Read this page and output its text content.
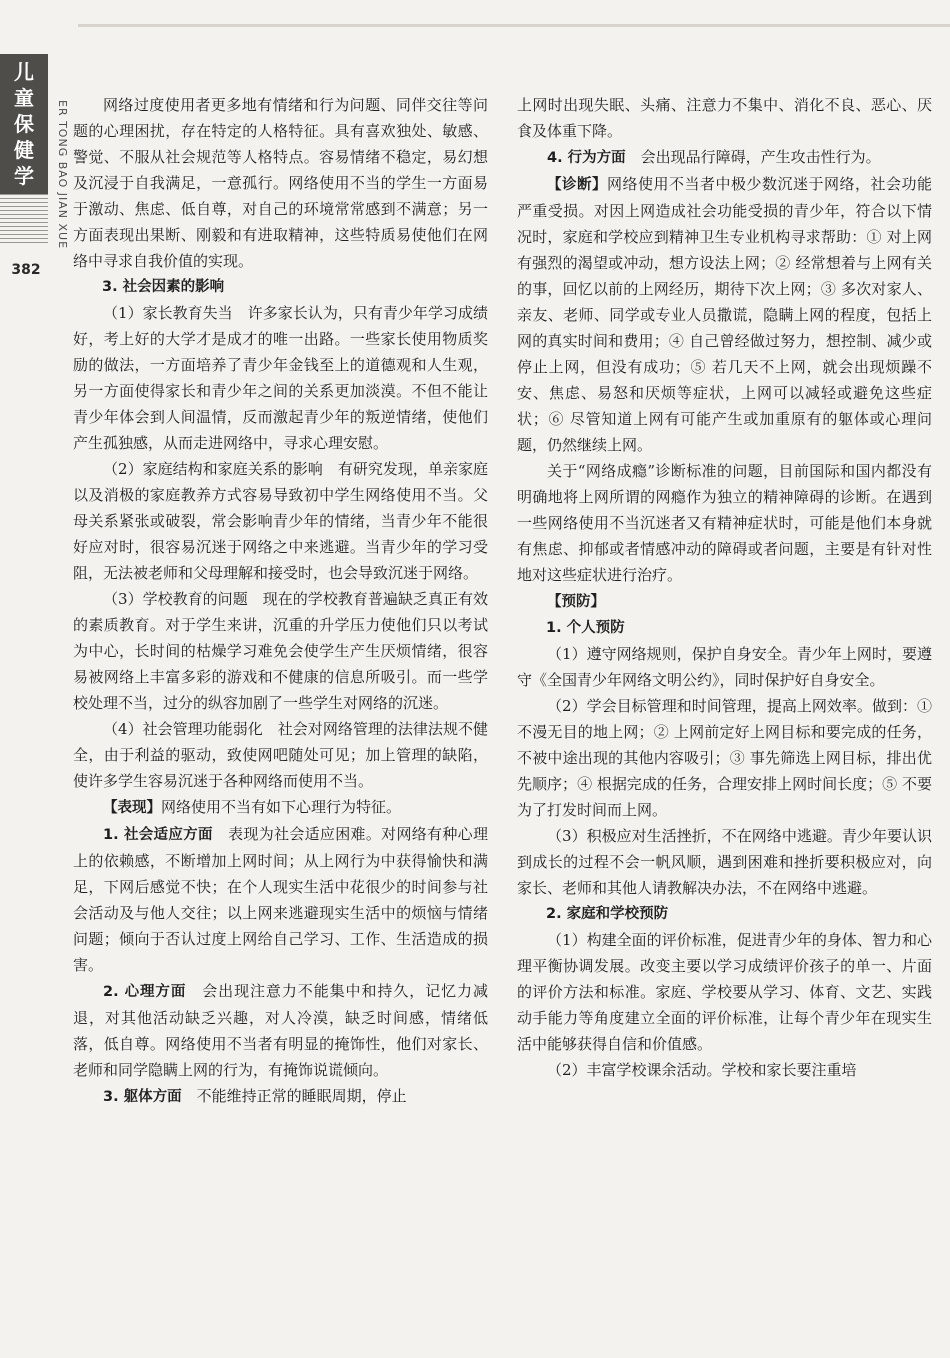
儿
童
保
健
学	ER TONG BAO JIAN XUE
382

网络过度使用者更多地有情绪和行为问题、同伴交往等问题的心理困扰，存在特定的人格特征。具有喜欢独处、敏感、警觉、不服从社会规范等人格特点。容易情绪不稳定，易幻想及沉浸于自我满足，一意孤行。网络使用不当的学生一方面易于激动、焦虑、低自尊，对自己的环境常常感到不满意；另一方面表现出果断、刚毅和有进取精神，这些特质易使他们在网络中寻求自我价值的实现。

3. 社会因素的影响

（1）家长教育失当　 许多家长认为，只有青少年学习成绩好，考上好的大学才是成才的唯一出路。一些家长使用物质奖励的做法，一方面培养了青少年金钱至上的道德观和人生观，另一方面使得家长和青少年之间的关系更加淡漠。不但不能让青少年体会到人间温情，反而激起青少年的叛逆情绪，使他们产生孤独感，从而走进网络中，寻求心理安慰。

（2）家庭结构和家庭关系的影响　 有研究发现，单亲家庭以及消极的家庭教养方式容易导致初中学生网络使用不当。父母关系紧张或破裂，常会影响青少年的情绪，当青少年不能很好应对时，很容易沉迷于网络之中来逃避。当青少年的学习受阻，无法被老师和父母理解和接受时，也会导致沉迷于网络。

（3）学校教育的问题　 现在的学校教育普遍缺乏真正有效的素质教育。对于学生来讲，沉重的升学压力使他们只以考试为中心，长时间的枯燥学习难免会使学生产生厌烦情绪，很容易被网络上丰富多彩的游戏和不健康的信息所吸引。而一些学校处理不当，过分的纵容加剧了一些学生对网络的沉迷。

（4）社会管理功能弱化　 社会对网络管理的法律法规不健全，由于利益的驱动，致使网吧随处可见；加上管理的缺陷，使许多学生容易沉迷于各种网络而使用不当。

【表现】网络使用不当有如下心理行为特征。

1. 社会适应方面　 表现为社会适应困难。对网络有种心理上的依赖感，不断增加上网时间；从上网行为中获得愉快和满足，下网后感觉不快；在个人现实生活中花很少的时间参与社会活动及与他人交往；以上网来逃避现实生活中的烦恼与情绪问题；倾向于否认过度上网给自己学习、工作、生活造成的损害。

2. 心理方面　 会出现注意力不能集中和持久，记忆力减退，对其他活动缺乏兴趣，对人冷漠，缺乏时间感，情绪低落，低自尊。网络使用不当者有明显的掩饰性，他们对家长、老师和同学隐瞒上网的行为，有掩饰说谎倾向。

3. 躯体方面　 不能维持正常的睡眠周期，停止

上网时出现失眠、头痛、注意力不集中、消化不良、恶心、厌食及体重下降。

4. 行为方面　 会出现品行障碍，产生攻击性行为。

【诊断】网络使用不当者中极少数沉迷于网络，社会功能严重受损。对因上网造成社会功能受损的青少年，符合以下情况时，家庭和学校应到精神卫生专业机构寻求帮助：① 对上网有强烈的渴望或冲动，想方设法上网；② 经常想着与上网有关的事，回忆以前的上网经历，期待下次上网；③ 多次对家人、亲友、老师、同学或专业人员撒谎，隐瞒上网的程度，包括上网的真实时间和费用；④ 自己曾经做过努力，想控制、减少或停止上网，但没有成功；⑤ 若几天不上网，就会出现烦躁不安、焦虑、易怒和厌烦等症状，上网可以减轻或避免这些症状；⑥ 尽管知道上网有可能产生或加重原有的躯体或心理问题，仍然继续上网。

关于“网络成瘾”诊断标准的问题，目前国际和国内都没有明确地将上网所谓的网瘾作为独立的精神障碍的诊断。在遇到一些网络使用不当沉迷者又有精神症状时，可能是他们本身就有焦虑、抑郁或者情感冲动的障碍或者问题，主要是有针对性地对这些症状进行治疗。

【预防】

1. 个人预防

（1）遵守网络规则，保护自身安全。青少年上网时，要遵守《全国青少年网络文明公约》，同时保护好自身安全。

（2）学会目标管理和时间管理，提高上网效率。做到：① 不漫无目的地上网；② 上网前定好上网目标和要完成的任务，不被中途出现的其他内容吸引；③ 事先筛选上网目标，排出优先顺序；④ 根据完成的任务，合理安排上网时间长度；⑤ 不要为了打发时间而上网。

（3）积极应对生活挫折，不在网络中逃避。青少年要认识到成长的过程不会一帆风顺，遇到困难和挫折要积极应对，向家长、老师和其他人请教解决办法，不在网络中逃避。

2. 家庭和学校预防

（1）构建全面的评价标准，促进青少年的身体、智力和心理平衡协调发展。改变主要以学习成绩评价孩子的单一、片面的评价方法和标准。家庭、学校要从学习、体育、文艺、实践动手能力等角度建立全面的评价标准，让每个青少年在现实生活中能够获得自信和价值感。

（2）丰富学校课余活动。学校和家长要注重培
